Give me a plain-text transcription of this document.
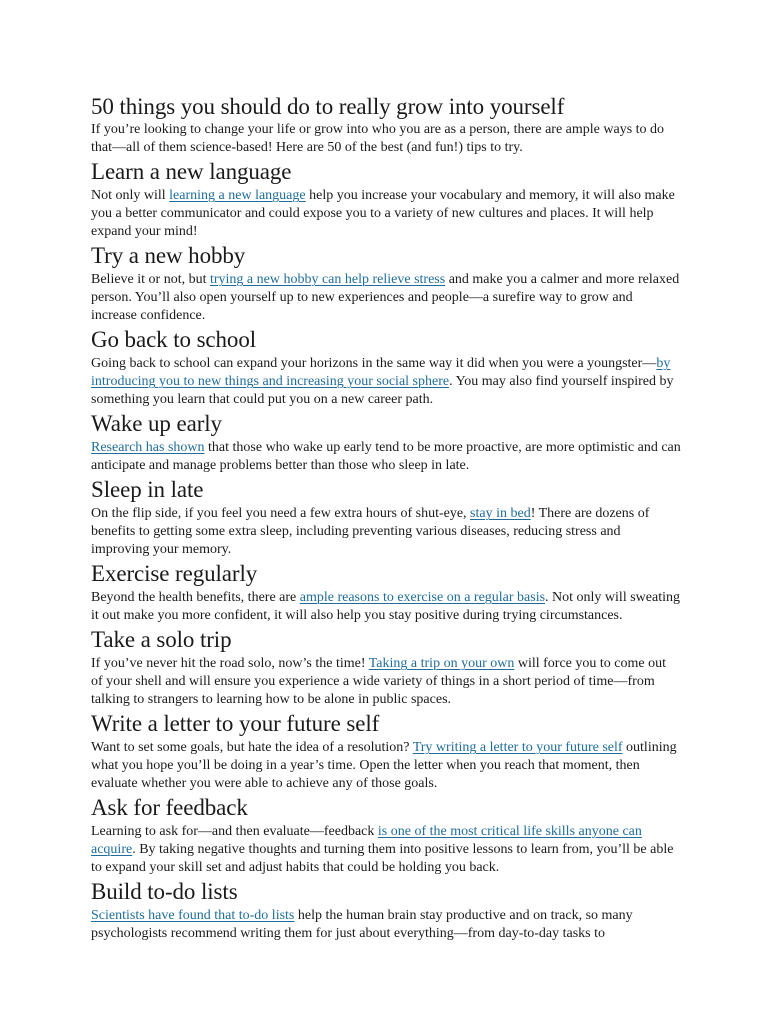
50 things you should do to really grow into yourself

If you’re looking to change your life or grow into who you are as a person, there are ample ways to do that—all of them science-based! Here are 50 of the best (and fun!) tips to try.

Learn a new language

Not only will learning a new language help you increase your vocabulary and memory, it will also make you a better communicator and could expose you to a variety of new cultures and places. It will help expand your mind!

Try a new hobby

Believe it or not, but trying a new hobby can help relieve stress and make you a calmer and more relaxed person. You’ll also open yourself up to new experiences and people—a surefire way to grow and increase confidence.

Go back to school

Going back to school can expand your horizons in the same way it did when you were a youngster—by introducing you to new things and increasing your social sphere. You may also find yourself inspired by something you learn that could put you on a new career path.

Wake up early

Research has shown that those who wake up early tend to be more proactive, are more optimistic and can anticipate and manage problems better than those who sleep in late.

Sleep in late

On the flip side, if you feel you need a few extra hours of shut-eye, stay in bed! There are dozens of benefits to getting some extra sleep, including preventing various diseases, reducing stress and improving your memory.

Exercise regularly

Beyond the health benefits, there are ample reasons to exercise on a regular basis. Not only will sweating it out make you more confident, it will also help you stay positive during trying circumstances.

Take a solo trip

If you’ve never hit the road solo, now’s the time! Taking a trip on your own will force you to come out of your shell and will ensure you experience a wide variety of things in a short period of time—from talking to strangers to learning how to be alone in public spaces.

Write a letter to your future self

Want to set some goals, but hate the idea of a resolution? Try writing a letter to your future self outlining what you hope you’ll be doing in a year’s time. Open the letter when you reach that moment, then evaluate whether you were able to achieve any of those goals.

Ask for feedback

Learning to ask for—and then evaluate—feedback is one of the most critical life skills anyone can acquire. By taking negative thoughts and turning them into positive lessons to learn from, you’ll be able to expand your skill set and adjust habits that could be holding you back.

Build to-do lists

Scientists have found that to-do lists help the human brain stay productive and on track, so many psychologists recommend writing them for just about everything—from day-to-day tasks to
